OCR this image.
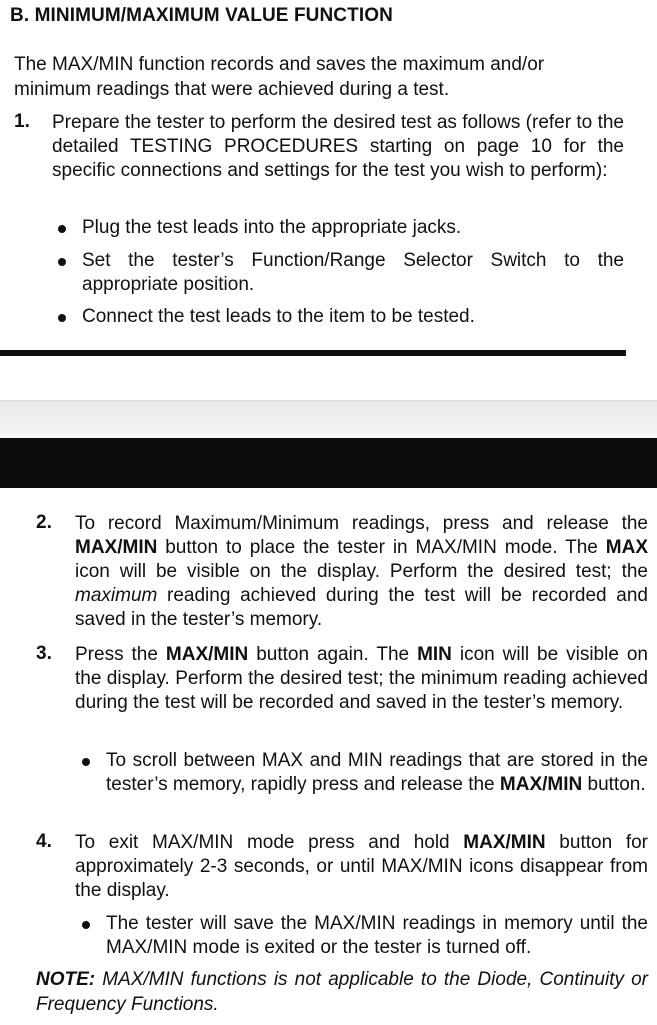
B. MINIMUM/MAXIMUM VALUE FUNCTION
The MAX/MIN function records and saves the maximum and/or minimum readings that were achieved during a test.
1. Prepare the tester to perform the desired test as follows (refer to the detailed TESTING PROCEDURES starting on page 10 for the specific connections and settings for the test you wish to perform):
Plug the test leads into the appropriate jacks.
Set the tester’s Function/Range Selector Switch to the appropriate position.
Connect the test leads to the item to be tested.
2. To record Maximum/Minimum readings, press and release the MAX/MIN button to place the tester in MAX/MIN mode. The MAX icon will be visible on the display. Perform the desired test; the maximum reading achieved during the test will be recorded and saved in the tester’s memory.
3. Press the MAX/MIN button again. The MIN icon will be visible on the display. Perform the desired test; the minimum reading achieved during the test will be recorded and saved in the tester’s memory.
To scroll between MAX and MIN readings that are stored in the tester’s memory, rapidly press and release the MAX/MIN button.
4. To exit MAX/MIN mode press and hold MAX/MIN button for approximately 2-3 seconds, or until MAX/MIN icons disappear from the display.
The tester will save the MAX/MIN readings in memory until the MAX/MIN mode is exited or the tester is turned off.
NOTE: MAX/MIN functions is not applicable to the Diode, Continuity or Frequency Functions.
